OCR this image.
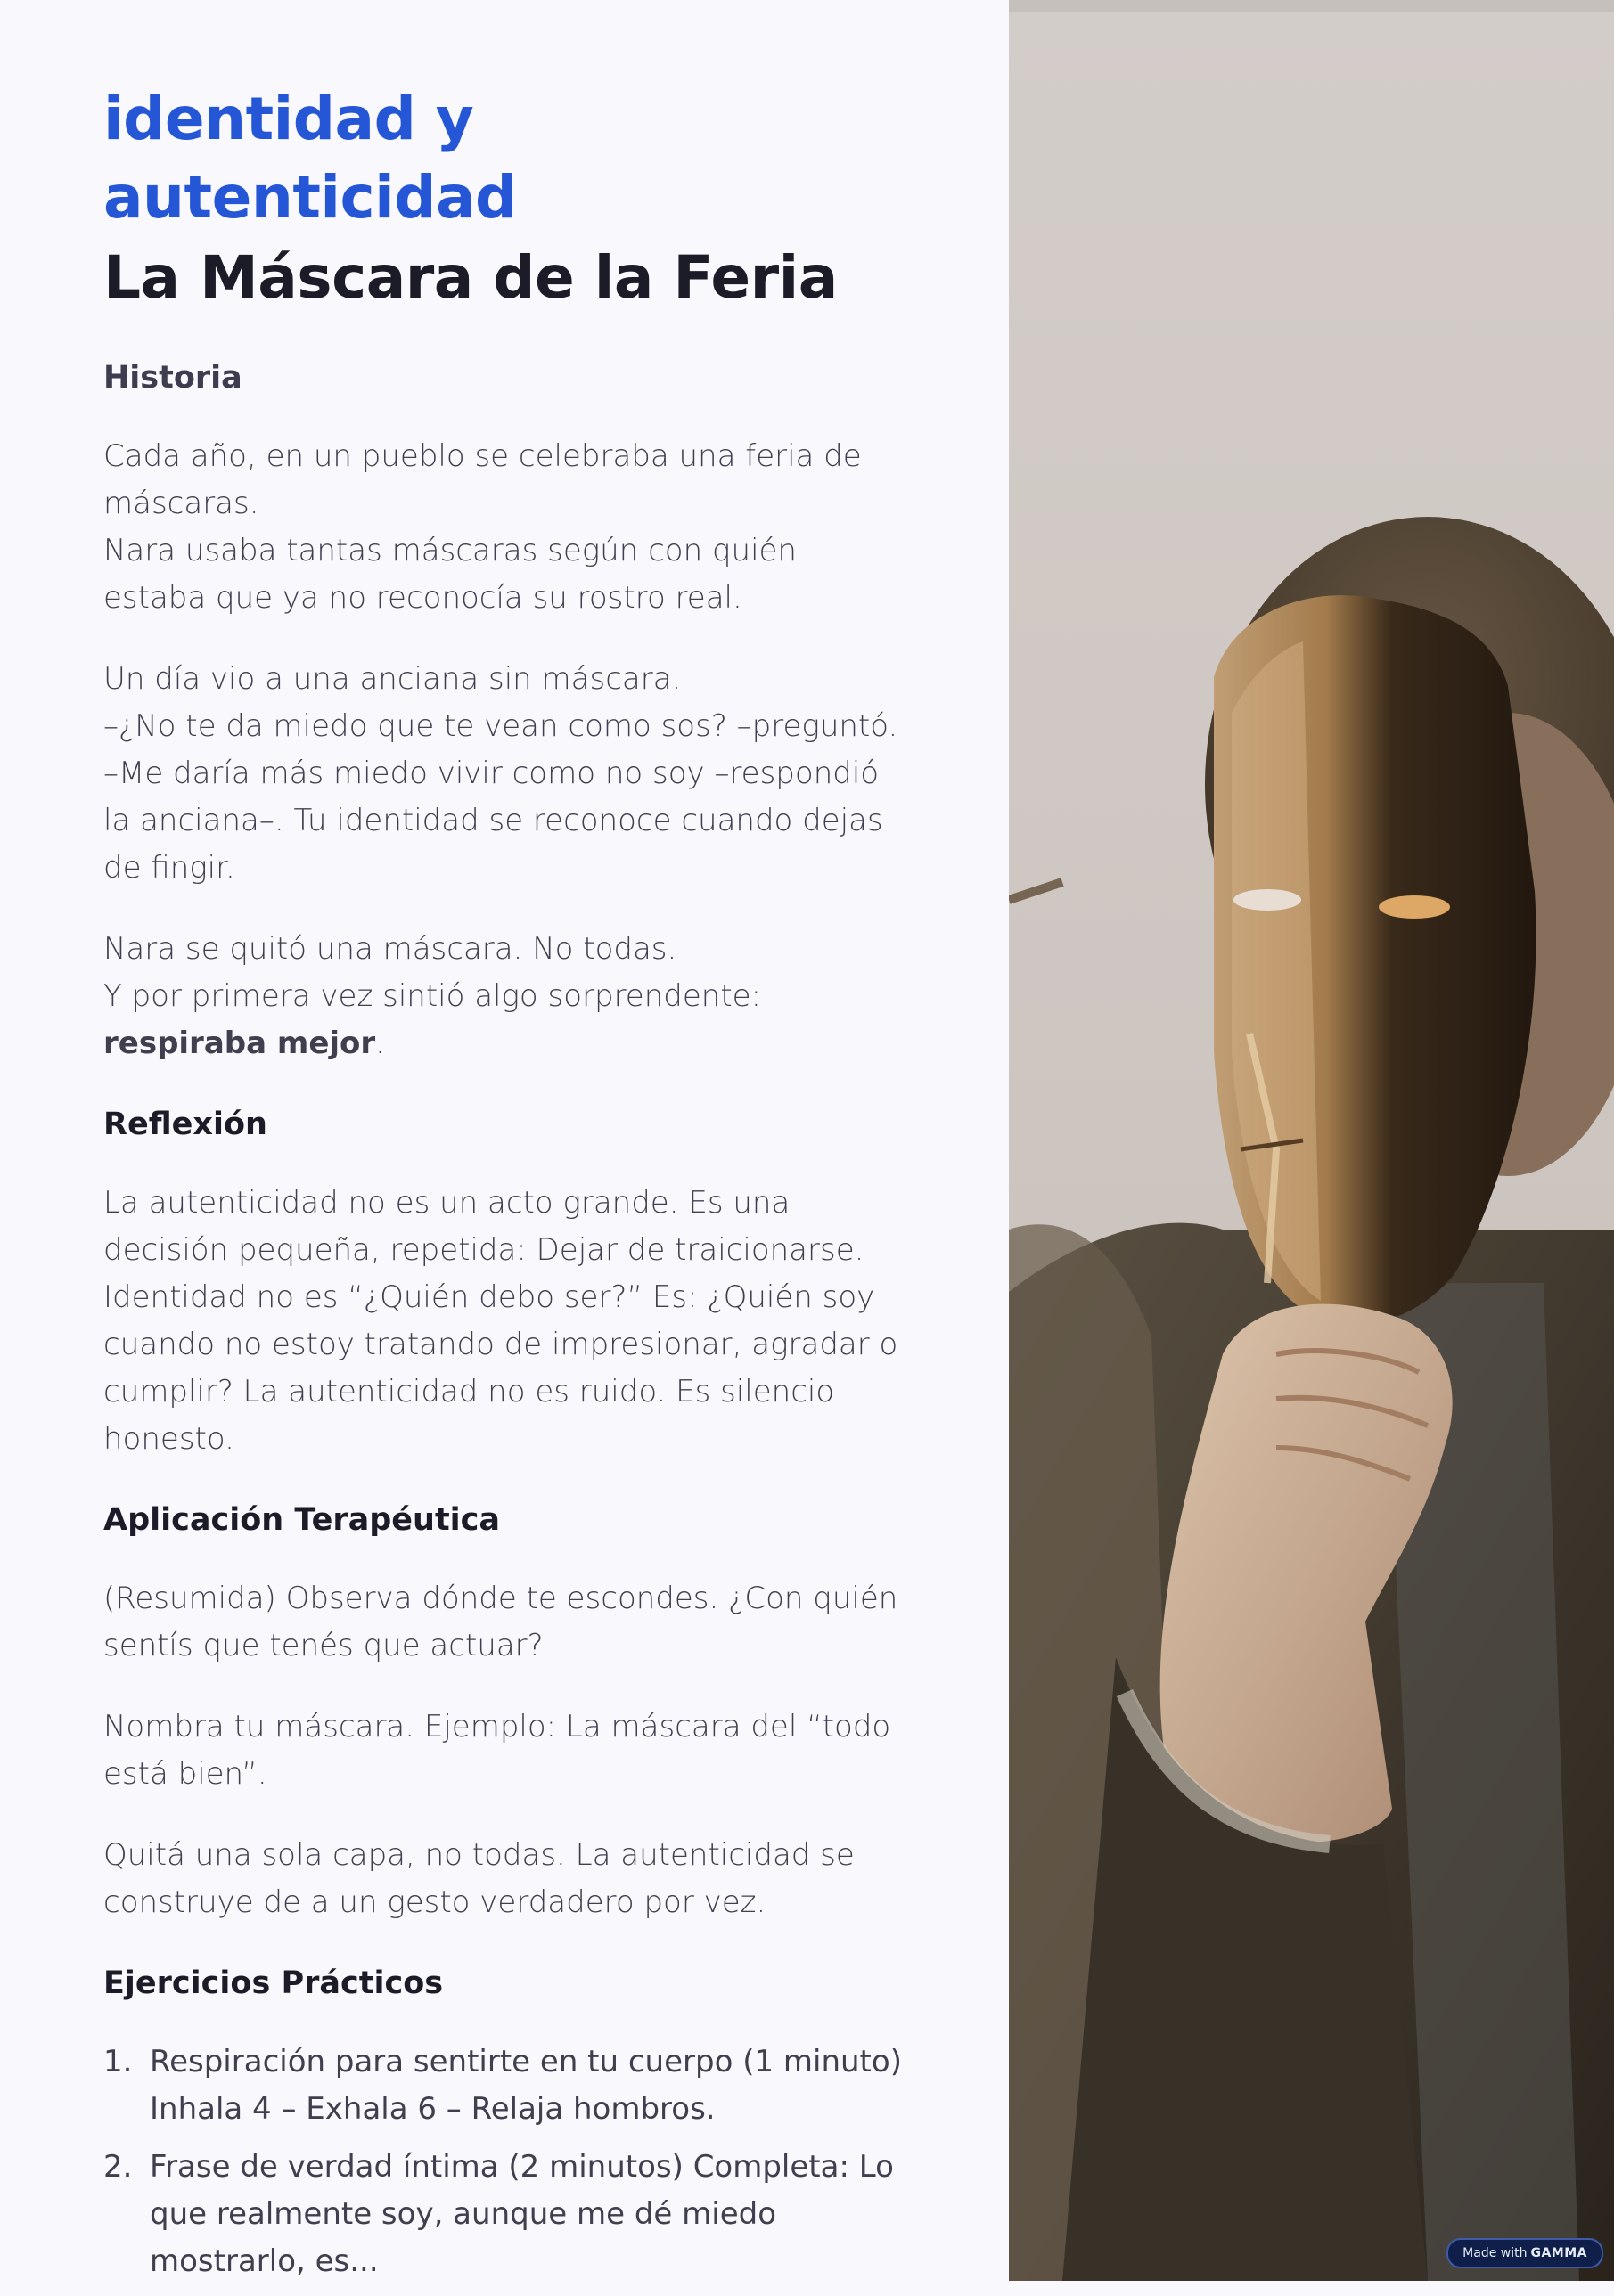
identidad y autenticidad
La Máscara de la Feria
Historia

Cada año, en un pueblo se celebraba una feria de máscaras.
Nara usaba tantas máscaras según con quién estaba que ya no reconocía su rostro real.

Un día vio a una anciana sin máscara.
–¿No te da miedo que te vean como sos? –preguntó.
–Me daría más miedo vivir como no soy –respondió la anciana–. Tu identidad se reconoce cuando dejas de fingir.

Nara se quitó una máscara. No todas.
Y por primera vez sintió algo sorprendente: respiraba mejor.

Reflexión

La autenticidad no es un acto grande. Es una decisión pequeña, repetida: Dejar de traicionarse. Identidad no es “¿Quién debo ser?” Es: ¿Quién soy cuando no estoy tratando de impresionar, agradar o cumplir? La autenticidad no es ruido. Es silencio honesto.

Aplicación Terapéutica

(Resumida) Observa dónde te escondes. ¿Con quién sentís que tenés que actuar?

Nombra tu máscara. Ejemplo: La máscara del “todo está bien”.

Quitá una sola capa, no todas. La autenticidad se construye de a un gesto verdadero por vez.

Ejercicios Prácticos
1. Respiración para sentirte en tu cuerpo (1 minuto)
Inhala 4 – Exhala 6 – Relaja hombros.
2. Frase de verdad íntima (2 minutos) Completa: Lo que realmente soy, aunque me dé miedo mostrarlo, es...	Made with GAMMA
